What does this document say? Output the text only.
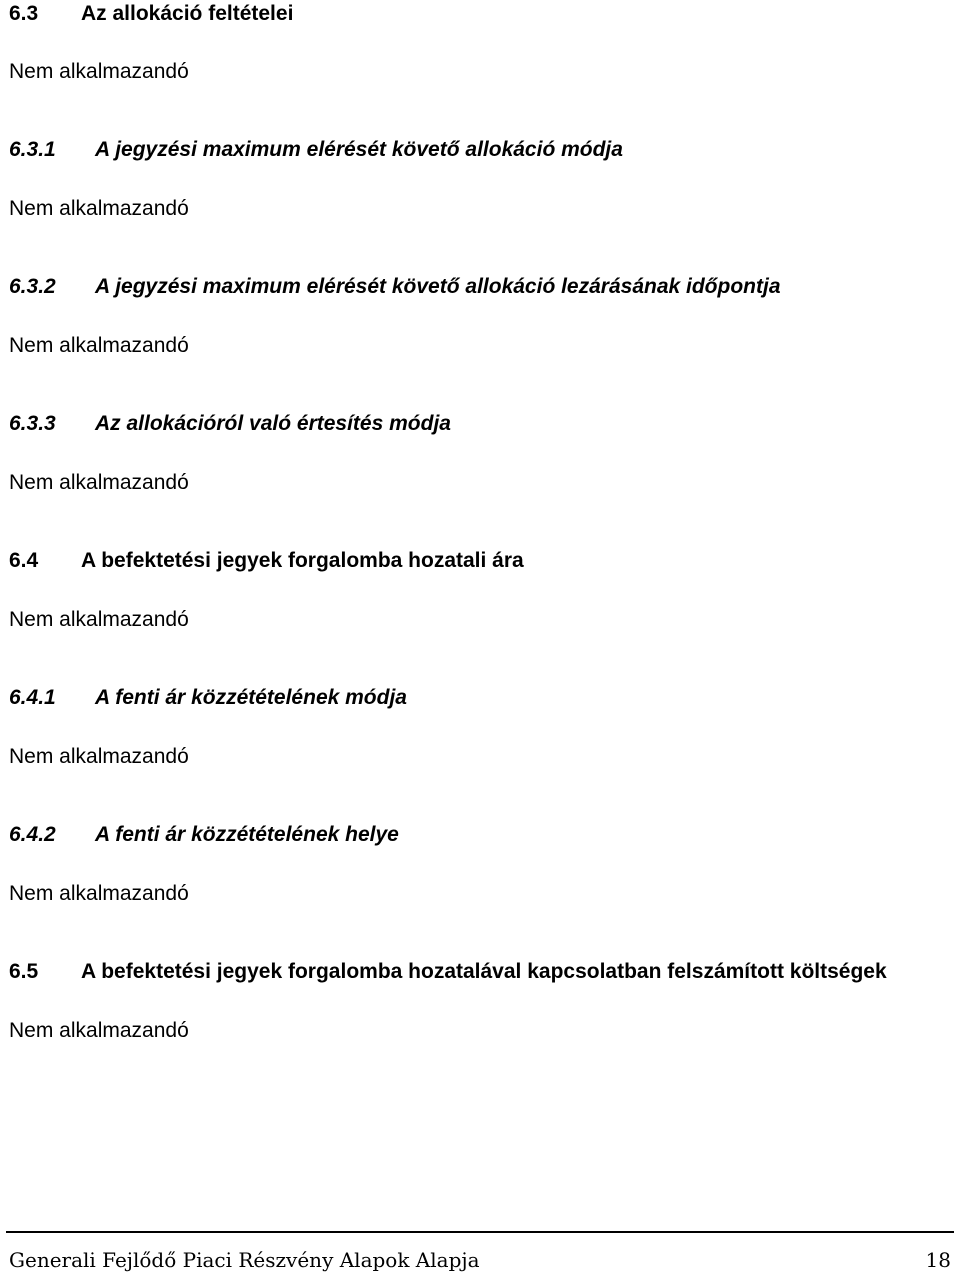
6.3 Az allokáció feltételei
Nem alkalmazandó
6.3.1 A jegyzési maximum elérését követő allokáció módja
Nem alkalmazandó
6.3.2 A jegyzési maximum elérését követő allokáció lezárásának időpontja
Nem alkalmazandó
6.3.3 Az allokációról való értesítés módja
Nem alkalmazandó
6.4 A befektetési jegyek forgalomba hozatali ára
Nem alkalmazandó
6.4.1 A fenti ár közzétételének módja
Nem alkalmazandó
6.4.2 A fenti ár közzétételének helye
Nem alkalmazandó
6.5 A befektetési jegyek forgalomba hozatalával kapcsolatban felszámított költségek
Nem alkalmazandó
Generali Fejlődő Piaci Részvény Alapok Alapja	18
